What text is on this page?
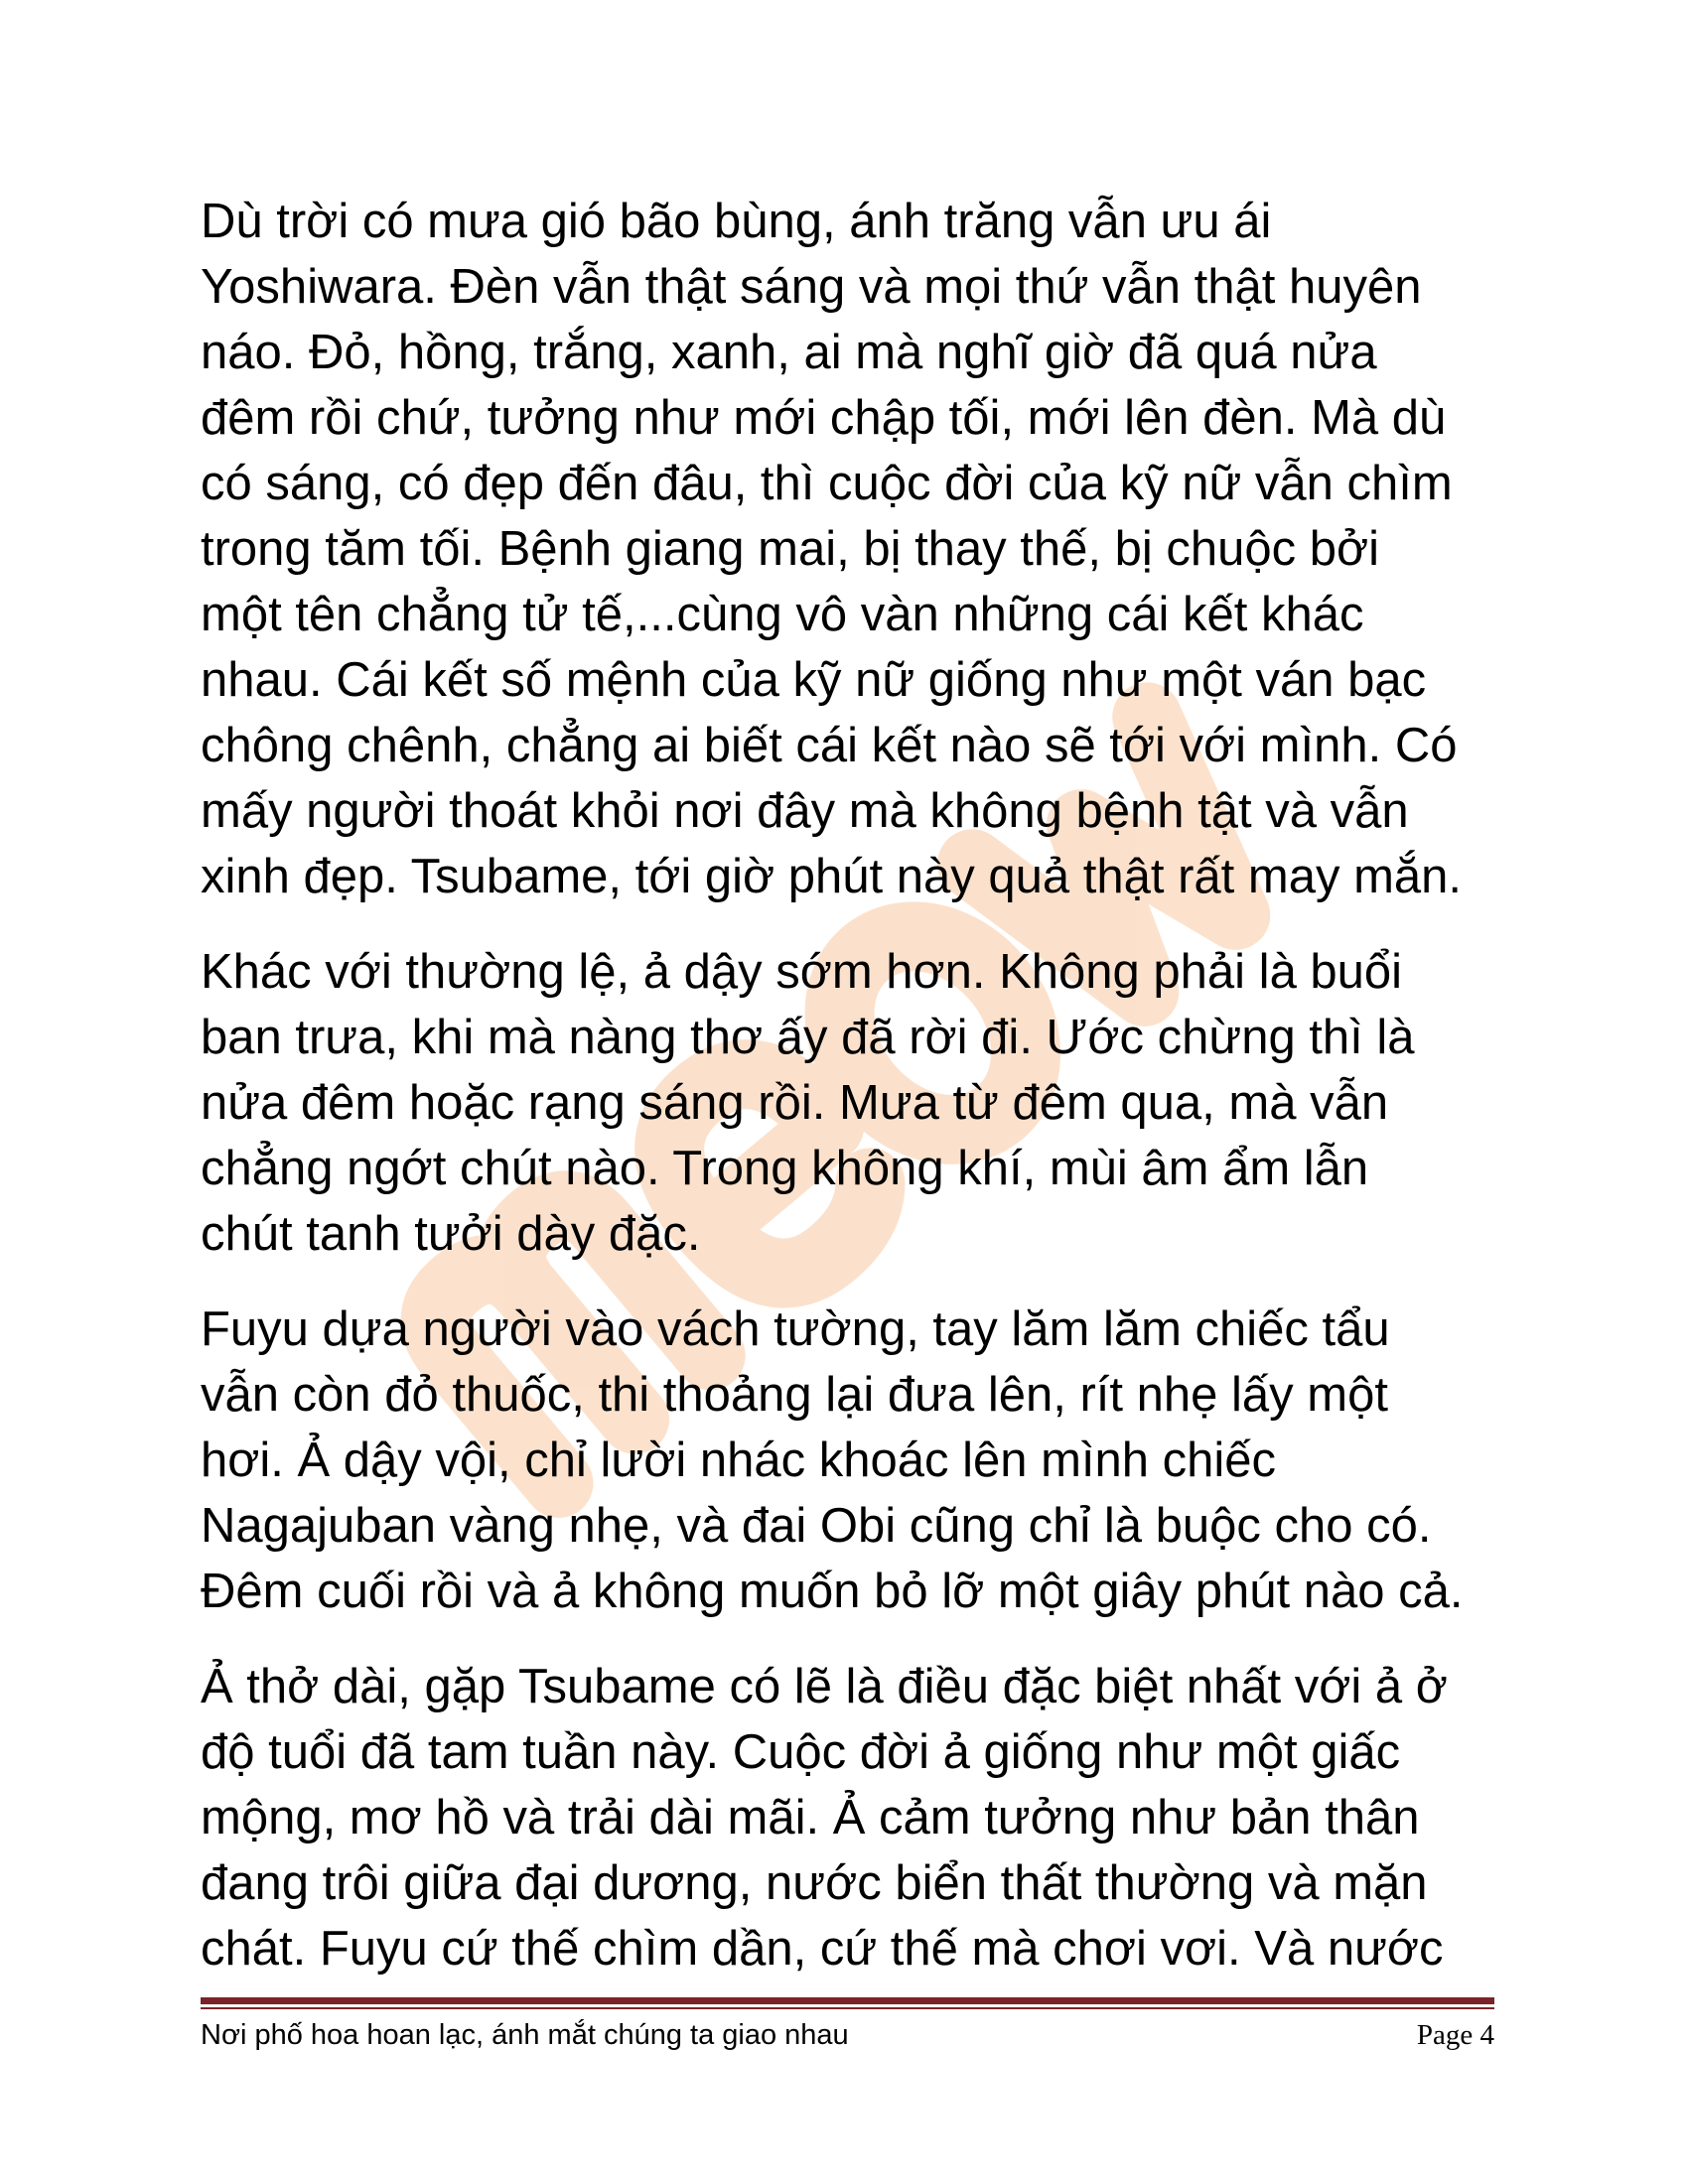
Dù trời có mưa gió bão bùng, ánh trăng vẫn ưu ái
Yoshiwara. Đèn vẫn thật sáng và mọi thứ vẫn thật huyên
náo. Đỏ, hồng, trắng, xanh, ai mà nghĩ giờ đã quá nửa
đêm rồi chứ, tưởng như mới chập tối, mới lên đèn. Mà dù
có sáng, có đẹp đến đâu, thì cuộc đời của kỹ nữ vẫn chìm
trong tăm tối. Bệnh giang mai, bị thay thế, bị chuộc bởi
một tên chẳng tử tế,...cùng vô vàn những cái kết khác
nhau. Cái kết số mệnh của kỹ nữ giống như một ván bạc
chông chênh, chẳng ai biết cái kết nào sẽ tới với mình. Có
mấy người thoát khỏi nơi đây mà không bệnh tật và vẫn
xinh đẹp. Tsubame, tới giờ phút này quả thật rất may mắn.

Khác với thường lệ, ả dậy sớm hơn. Không phải là buổi
ban trưa, khi mà nàng thơ ấy đã rời đi. Ước chừng thì là
nửa đêm hoặc rạng sáng rồi. Mưa từ đêm qua, mà vẫn
chẳng ngớt chút nào. Trong không khí, mùi âm ẩm lẫn
chút tanh tưởi dày đặc.

Fuyu dựa người vào vách tường, tay lăm lăm chiếc tẩu
vẫn còn đỏ thuốc, thi thoảng lại đưa lên, rít nhẹ lấy một
hơi. Ả dậy vội, chỉ lười nhác khoác lên mình chiếc
Nagajuban vàng nhẹ, và đai Obi cũng chỉ là buộc cho có.
Đêm cuối rồi và ả không muốn bỏ lỡ một giây phút nào cả.

Ả thở dài, gặp Tsubame có lẽ là điều đặc biệt nhất với ả ở
độ tuổi đã tam tuần này. Cuộc đời ả giống như một giấc
mộng, mơ hồ và trải dài mãi. Ả cảm tưởng như bản thân
đang trôi giữa đại dương, nước biển thất thường và mặn
chát. Fuyu cứ thế chìm dần, cứ thế mà chơi vơi. Và nước

Nơi phố hoa hoan lạc, ánh mắt chúng ta giao nhau	Page 4
